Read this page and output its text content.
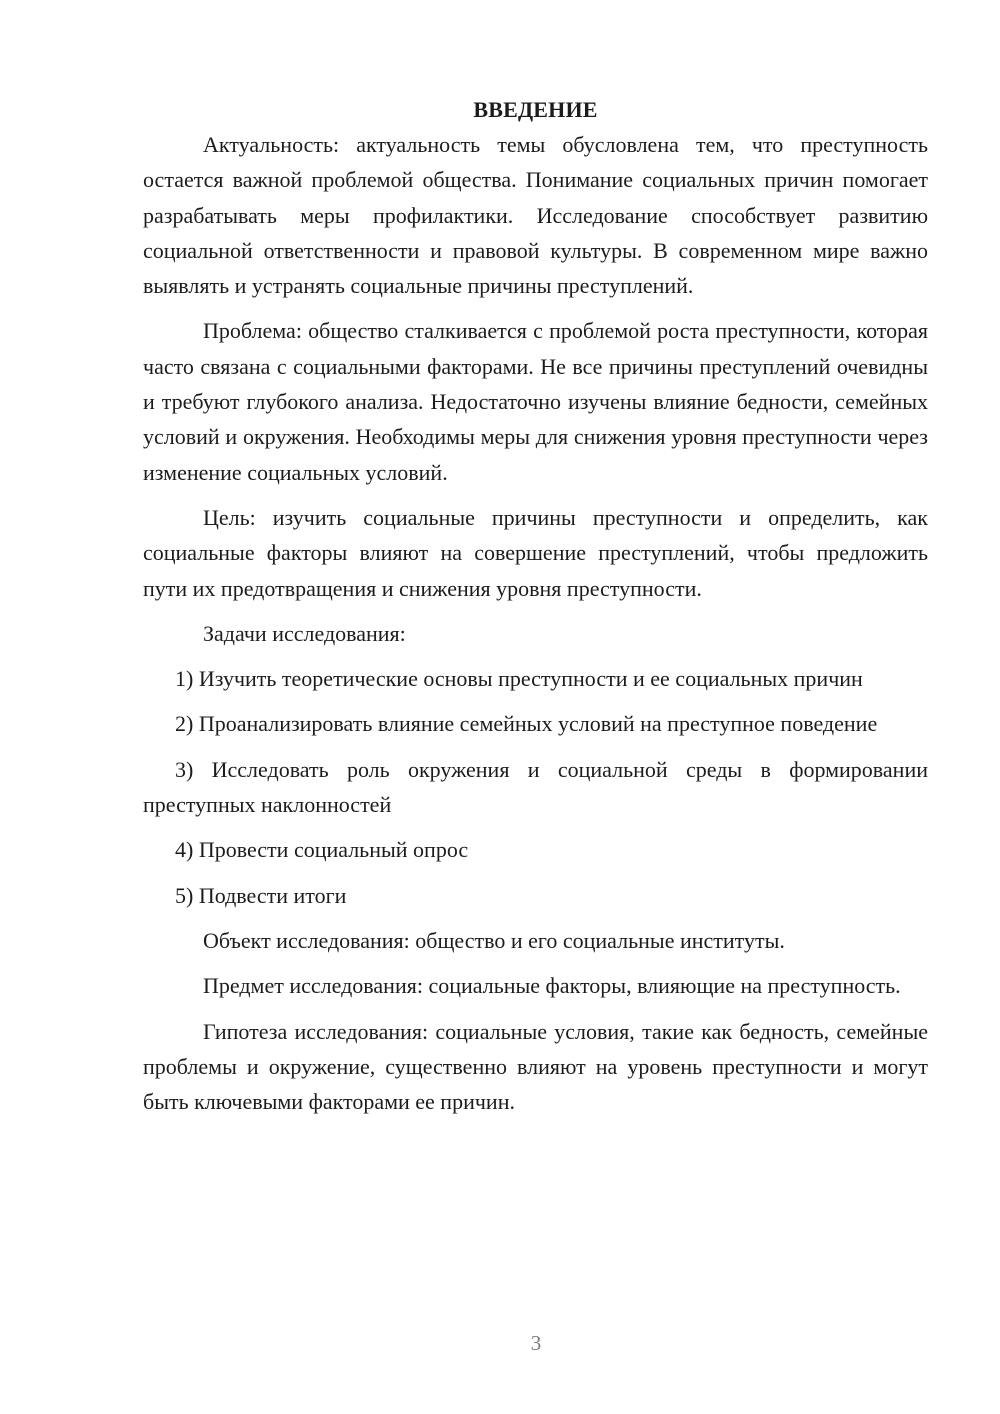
ВВЕДЕНИЕ

Актуальность: актуальность темы обусловлена тем, что преступность остается важной проблемой общества. Понимание социальных причин помогает разрабатывать меры профилактики. Исследование способствует развитию социальной ответственности и правовой культуры. В современном мире важно выявлять и устранять социальные причины преступлений.

Проблема: общество сталкивается с проблемой роста преступности, которая часто связана с социальными факторами. Не все причины преступлений очевидны и требуют глубокого анализа. Недостаточно изучены влияние бедности, семейных условий и окружения. Необходимы меры для снижения уровня преступности через изменение социальных условий.

Цель: изучить социальные причины преступности и определить, как социальные факторы влияют на совершение преступлений, чтобы предложить пути их предотвращения и снижения уровня преступности.

Задачи исследования:

1) Изучить теоретические основы преступности и ее социальных причин

2) Проанализировать влияние семейных условий на преступное поведение

3) Исследовать роль окружения и социальной среды в формировании преступных наклонностей

4) Провести социальный опрос

5) Подвести итоги

Объект исследования: общество и его социальные институты.

Предмет исследования: социальные факторы, влияющие на преступность.

Гипотеза исследования: социальные условия, такие как бедность, семейные проблемы и окружение, существенно влияют на уровень преступности и могут быть ключевыми факторами ее причин.

3
